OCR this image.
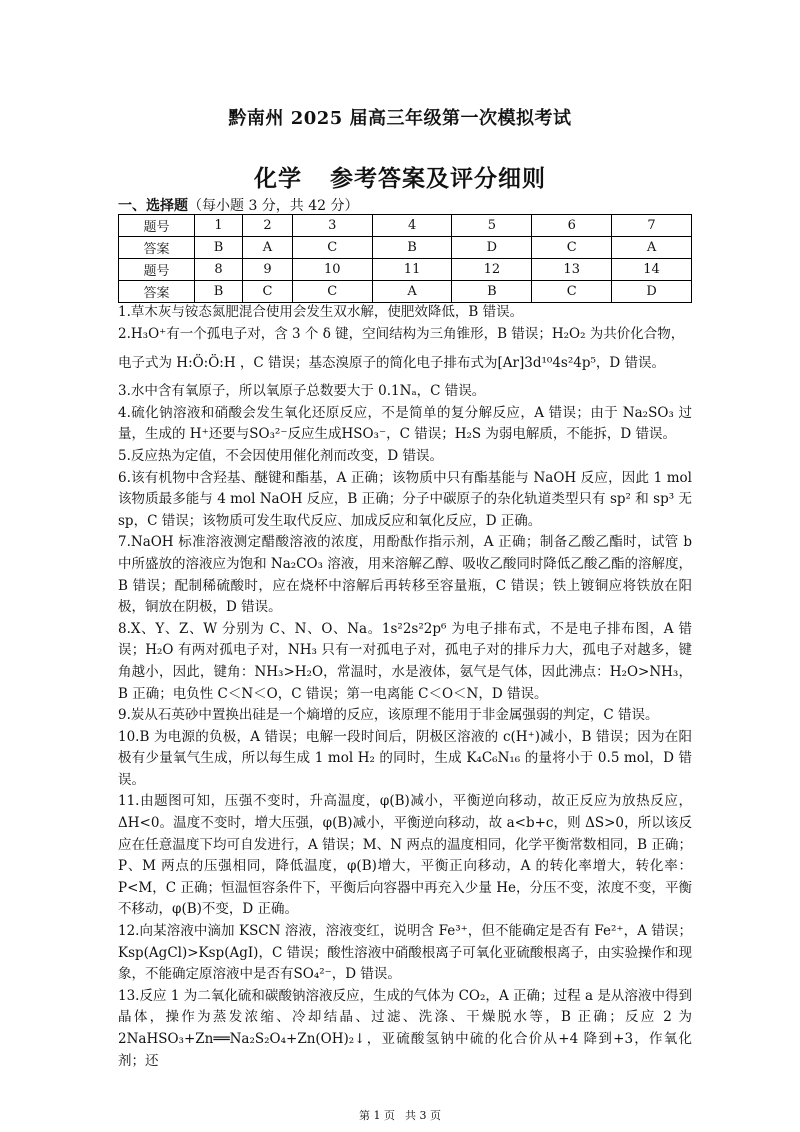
黔南州 2025 届高三年级第一次模拟考试
化学 参考答案及评分细则
一、选择题（每小题 3 分，共 42 分）
题号	1	2	3	4	5	6	7
答案	B	A	C	B	D	C	A
题号	8	9	10	11	12	13	14
答案	B	C	C	A	B	C	D

1.草木灰与铵态氮肥混合使用会发生双水解，使肥效降低，B 错误。

2.H₃O⁺有一个孤电子对，含 3 个 δ 键，空间结构为三角锥形，B 错误；H₂O₂ 为共价化合物，

电子式为 H:Ö:Ö:H ，C 错误；基态溴原子的简化电子排布式为[Ar]3d¹⁰4s²4p⁵，D 错误。

3.水中含有氧原子，所以氧原子总数要大于 0.1Nₐ，C 错误。

4.硫化钠溶液和硝酸会发生氧化还原反应，不是简单的复分解反应，A 错误；由于 Na₂SO₃ 过量，生成的 H⁺还要与SO₃²⁻反应生成HSO₃⁻，C 错误；H₂S 为弱电解质，不能拆，D 错误。

5.反应热为定值，不会因使用催化剂而改变，D 错误。

6.该有机物中含羟基、醚键和酯基，A 正确；该物质中只有酯基能与 NaOH 反应，因此 1 mol 该物质最多能与 4 mol NaOH 反应，B 正确；分子中碳原子的杂化轨道类型只有 sp² 和 sp³ 无 sp，C 错误；该物质可发生取代反应、加成反应和氧化反应，D 正确。

7.NaOH 标准溶液测定醋酸溶液的浓度，用酚酞作指示剂，A 正确；制备乙酸乙酯时，试管 b 中所盛放的溶液应为饱和 Na₂CO₃ 溶液，用来溶解乙醇、吸收乙酸同时降低乙酸乙酯的溶解度，B 错误；配制稀硫酸时，应在烧杯中溶解后再转移至容量瓶，C 错误；铁上镀铜应将铁放在阳极，铜放在阴极，D 错误。

8.X、Y、Z、W 分别为 C、N、O、Na。1s²2s²2p⁶ 为电子排布式，不是电子排布图，A 错误；H₂O 有两对孤电子对，NH₃ 只有一对孤电子对，孤电子对的排斥力大，孤电子对越多，键角越小，因此，键角：NH₃>H₂O，常温时，水是液体，氨气是气体，因此沸点：H₂O>NH₃，B 正确；电负性 C＜N＜O，C 错误；第一电离能 C＜O＜N，D 错误。

9.炭从石英砂中置换出硅是一个熵增的反应，该原理不能用于非金属强弱的判定，C 错误。

10.B 为电源的负极，A 错误；电解一段时间后，阴极区溶液的 c(H⁺)减小，B 错误；因为在阳极有少量氧气生成，所以每生成 1 mol H₂ 的同时，生成 K₄C₆N₁₆ 的量将小于 0.5 mol，D 错误。

11.由题图可知，压强不变时，升高温度，φ(B)减小，平衡逆向移动，故正反应为放热反应，ΔH<0。温度不变时，增大压强，φ(B)减小，平衡逆向移动，故 a<b+c，则 ΔS>0，所以该反应在任意温度下均可自发进行，A 错误；M、N 两点的温度相同，化学平衡常数相同，B 正确；P、M 两点的压强相同，降低温度，φ(B)增大，平衡正向移动，A 的转化率增大，转化率：P<M，C 正确；恒温恒容条件下，平衡后向容器中再充入少量 He，分压不变，浓度不变，平衡不移动，φ(B)不变，D 正确。

12.向某溶液中滴加 KSCN 溶液，溶液变红，说明含 Fe³⁺，但不能确定是否有 Fe²⁺，A 错误；Ksp(AgCl)>Ksp(AgI)，C 错误；酸性溶液中硝酸根离子可氧化亚硫酸根离子，由实验操作和现象，不能确定原溶液中是否有SO₄²⁻，D 错误。

13.反应 1 为二氧化硫和碳酸钠溶液反应，生成的气体为 CO₂，A 正确；过程 a 是从溶液中得到晶体，操作为蒸发浓缩、冷却结晶、过滤、洗涤、干燥脱水等，B 正确；反应 2 为 2NaHSO₃+Zn══Na₂S₂O₄+Zn(OH)₂↓，亚硫酸氢钠中硫的化合价从+4 降到+3，作氧化剂；还

第 1 页 共 3 页
